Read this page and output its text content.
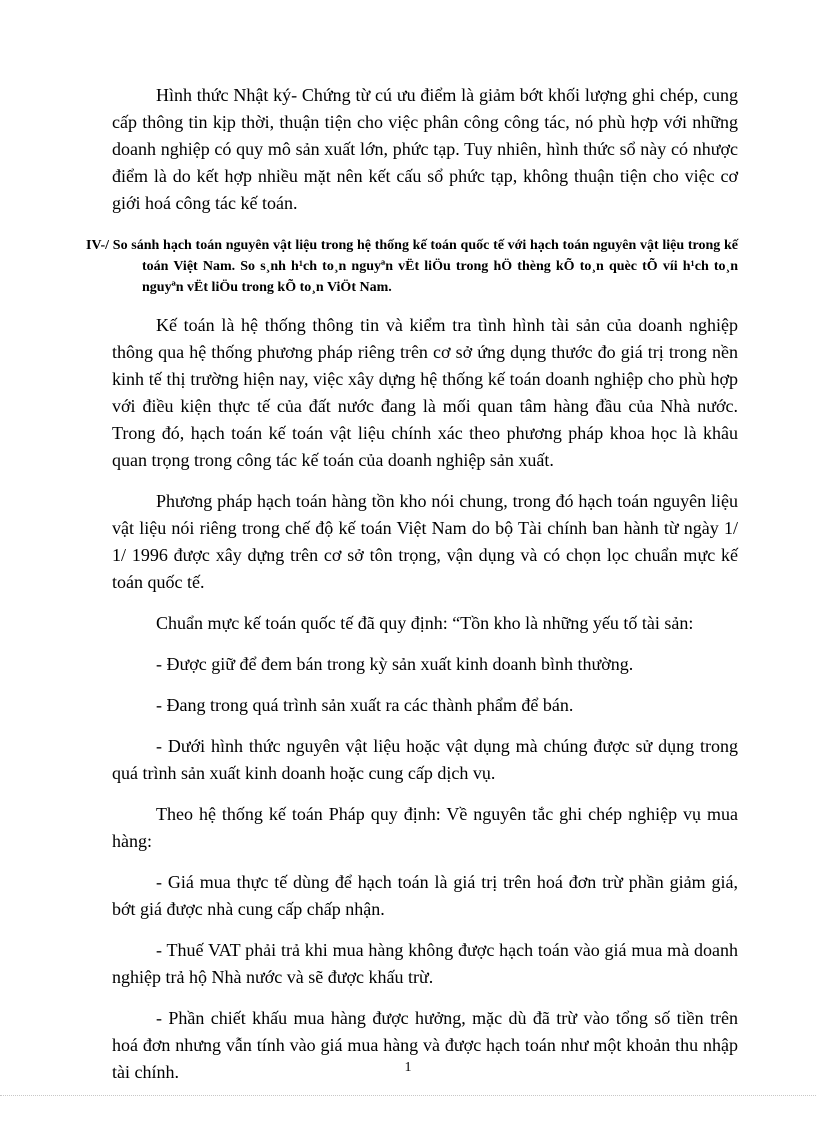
Hình thức Nhật ký- Chứng từ cú ưu điểm là giảm bớt khối lượng ghi chép, cung cấp thông tin kịp thời, thuận tiện cho việc phân công công tác, nó phù hợp với những doanh nghiệp có quy mô sản xuất lớn, phức tạp. Tuy nhiên, hình thức sổ này có nhược điểm là do kết hợp nhiều mặt nên kết cấu sổ phức tạp, không thuận tiện cho việc cơ giới hoá công tác kế toán.

IV-/ So sánh hạch toán nguyên vật liệu trong hệ thống kế toán quốc tế với hạch toán nguyên vật liệu trong kế toán Việt Nam. So s¸nh h¹ch to¸n nguyªn vËt liÖu trong hÖ thèng kÕ to¸n quèc tÕ víi h¹ch to¸n nguyªn vËt liÖu trong kÕ to¸n ViÖt Nam.

Kế toán là hệ thống thông tin và kiểm tra tình hình tài sản của doanh nghiệp thông qua hệ thống phương pháp riêng trên cơ sở ứng dụng thước đo giá trị trong nền kinh tế thị trường hiện nay, việc xây dựng hệ thống kế toán doanh nghiệp cho phù hợp với điều kiện thực tế của đất nước đang là mối quan tâm hàng đầu của Nhà nước. Trong đó, hạch toán kế toán vật liệu chính xác theo phương pháp khoa học là khâu quan trọng trong công tác kế toán của doanh nghiệp sản xuất.

Phương pháp hạch toán hàng tồn kho nói chung, trong đó hạch toán nguyên liệu vật liệu nói riêng trong chế độ kế toán Việt Nam do bộ Tài chính ban hành từ ngày 1/ 1/ 1996 được xây dựng trên cơ sở tôn trọng, vận dụng và có chọn lọc chuẩn mực kế toán quốc tế.

Chuẩn mực kế toán quốc tế đã quy định: “Tồn kho là những yếu tố tài sản:

- Được giữ để đem bán trong kỳ sản xuất kinh doanh bình thường.

- Đang trong quá trình sản xuất ra các thành phẩm để bán.

- Dưới hình thức nguyên vật liệu hoặc vật dụng mà chúng được sử dụng trong quá trình sản xuất kinh doanh hoặc cung cấp dịch vụ.

Theo hệ thống kế toán Pháp quy định: Về nguyên tắc ghi chép nghiệp vụ mua hàng:

- Giá mua thực tế dùng để hạch toán là giá trị trên hoá đơn trừ phần giảm giá, bớt giá được nhà cung cấp chấp nhận.

- Thuế VAT phải trả khi mua hàng không được hạch toán vào giá mua mà doanh nghiệp trả hộ Nhà nước và sẽ được khấu trừ.

- Phần chiết khấu mua hàng được hưởng, mặc dù đã trừ vào tổng số tiền trên hoá đơn nhưng vẫn tính vào giá mua hàng và được hạch toán như một khoản thu nhập tài chính.	1
